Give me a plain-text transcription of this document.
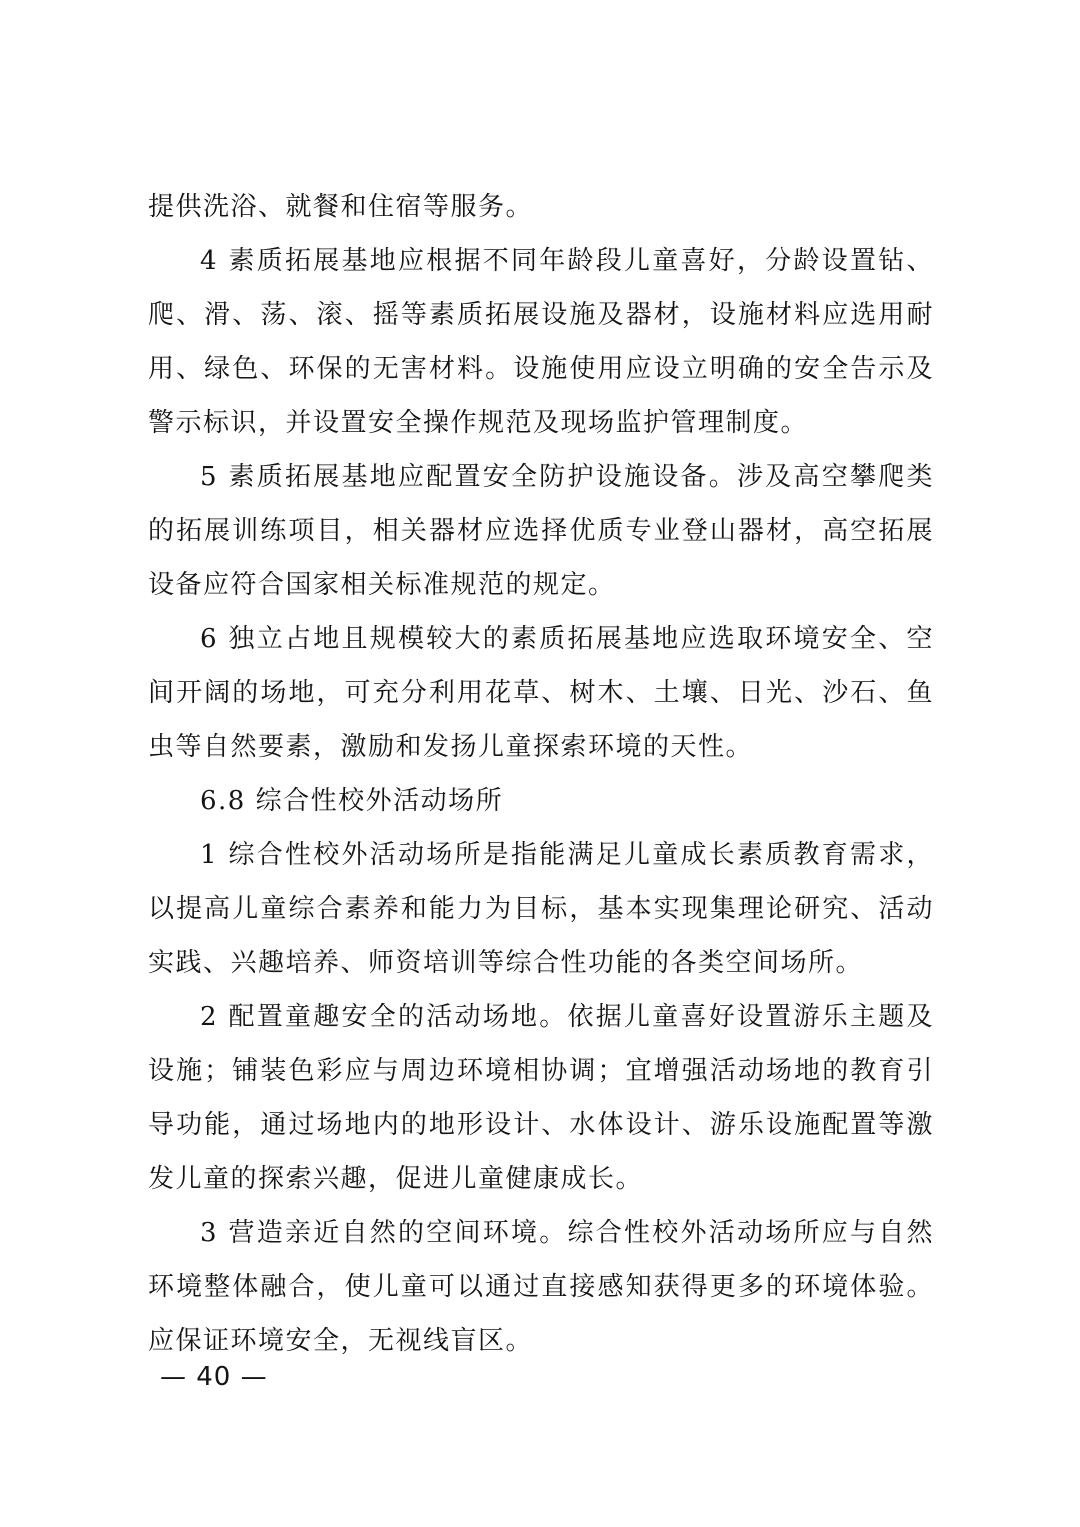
提供洗浴、就餐和住宿等服务。

4 素质拓展基地应根据不同年龄段儿童喜好，分龄设置钻、爬、滑、荡、滚、摇等素质拓展设施及器材，设施材料应选用耐用、绿色、环保的无害材料。设施使用应设立明确的安全告示及警示标识，并设置安全操作规范及现场监护管理制度。

5 素质拓展基地应配置安全防护设施设备。涉及高空攀爬类的拓展训练项目，相关器材应选择优质专业登山器材，高空拓展设备应符合国家相关标准规范的规定。

6 独立占地且规模较大的素质拓展基地应选取环境安全、空间开阔的场地，可充分利用花草、树木、土壤、日光、沙石、鱼虫等自然要素，激励和发扬儿童探索环境的天性。

6.8 综合性校外活动场所

1 综合性校外活动场所是指能满足儿童成长素质教育需求，以提高儿童综合素养和能力为目标，基本实现集理论研究、活动实践、兴趣培养、师资培训等综合性功能的各类空间场所。

2 配置童趣安全的活动场地。依据儿童喜好设置游乐主题及设施；铺装色彩应与周边环境相协调；宜增强活动场地的教育引导功能，通过场地内的地形设计、水体设计、游乐设施配置等激发儿童的探索兴趣，促进儿童健康成长。

3 营造亲近自然的空间环境。综合性校外活动场所应与自然环境整体融合，使儿童可以通过直接感知获得更多的环境体验。应保证环境安全，无视线盲区。

— 40 —
